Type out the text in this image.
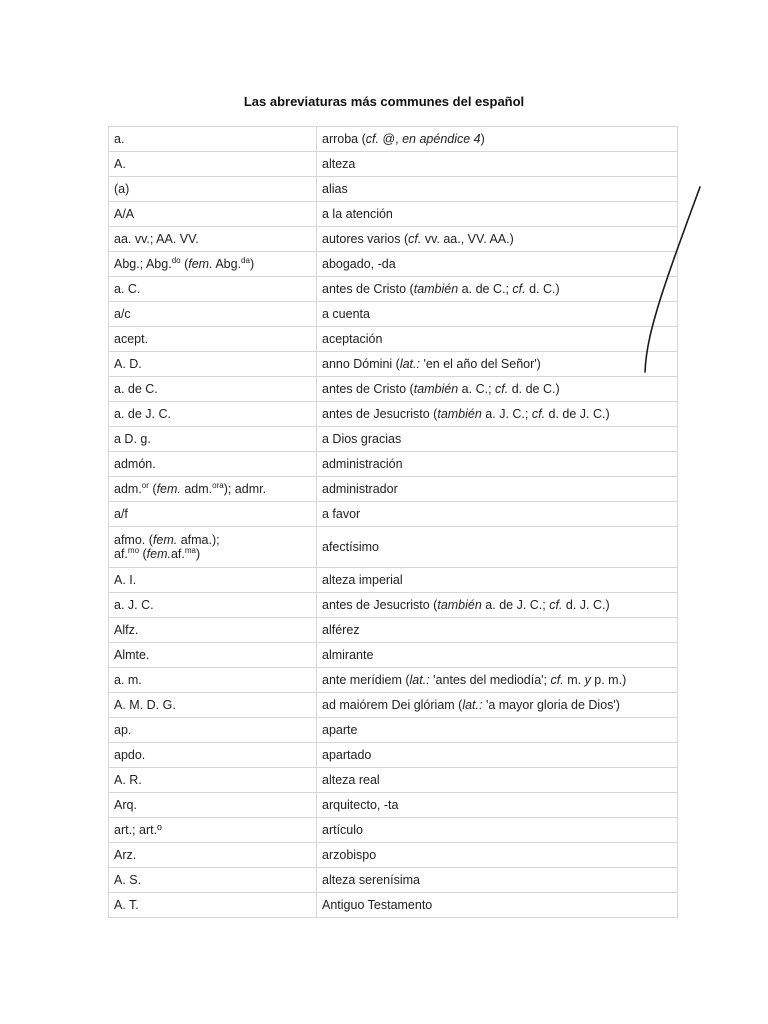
Las abreviaturas más communes del español
a.	arroba (cf. @, en apéndice 4)
A.	alteza
(a)	alias
A/A	a la atención
aa. vv.; AA. VV.	autores varios (cf. vv. aa., VV. AA.)
Abg.; Abg.$^{do}$ (fem. Abg.$^{da}$)	abogado, -da
a. C.	antes de Cristo (también a. de C.; cf. d. C.)
a/c	a cuenta
acept.	aceptación
A. D.	anno Dómini (lat.: 'en el año del Señor')
a. de C.	antes de Cristo (también a. C.; cf. d. de C.)
a. de J. C.	antes de Jesucristo (también a. J. C.; cf. d. de J. C.)
a D. g.	a Dios gracias
admón.	administración
adm.$^{or}$ (fem. adm.$^{ora}$); admr.	administrador
a/f	a favor
afmo. (fem. afma.);
af.$^{mo}$ (fem.af.$^{ma}$)	afectísimo
A. I.	alteza imperial
a. J. C.	antes de Jesucristo (también a. de J. C.; cf. d. J. C.)
Alfz.	alférez
Almte.	almirante
a. m.	ante merídiem (lat.: 'antes del mediodía'; cf. m. y p. m.)
A. M. D. G.	ad maiórem Dei glóriam (lat.: 'a mayor gloria de Dios')
ap.	aparte
apdo.	apartado
A. R.	alteza real
Arq.	arquitecto, -ta
art.; art.º	artículo
Arz.	arzobispo
A. S.	alteza serenísima
A. T.	Antiguo Testamento
